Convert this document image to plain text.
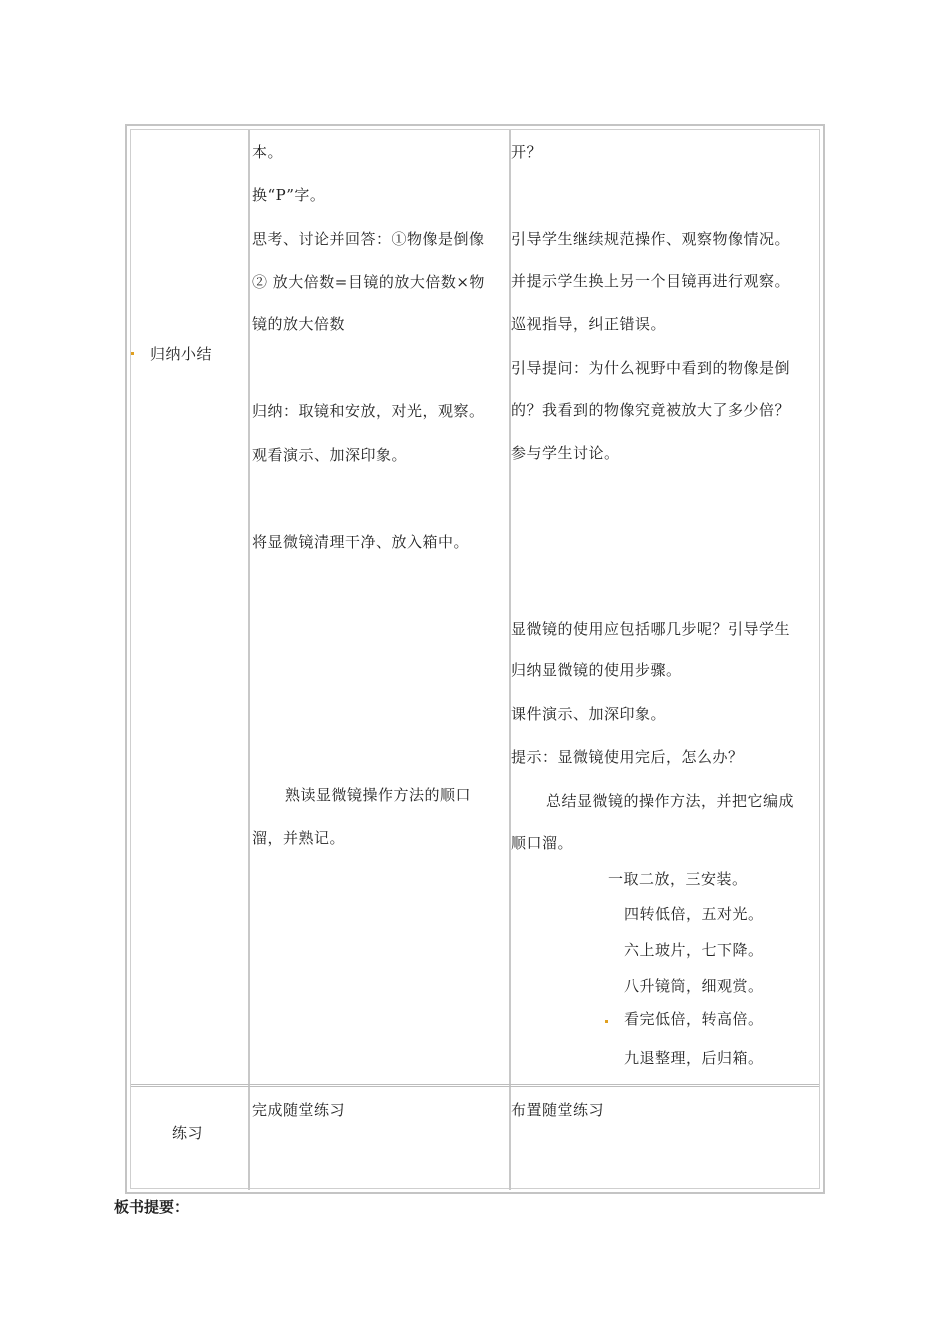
归纳小结
本。
换“P”字。
思考、讨论并回答：①物像是倒像
② 放大倍数=目镜的放大倍数×物
镜的放大倍数
归纳：取镜和安放，对光，观察。
观看演示、加深印象。
将显微镜清理干净、放入箱中。
熟读显微镜操作方法的顺口
溜，并熟记。
开？
引导学生继续规范操作、观察物像情况。
并提示学生换上另一个目镜再进行观察。
巡视指导，纠正错误。
引导提问：为什么视野中看到的物像是倒
的？我看到的物像究竟被放大了多少倍？
参与学生讨论。
显微镜的使用应包括哪几步呢？引导学生
归纳显微镜的使用步骤。
课件演示、加深印象。
提示：显微镜使用完后，怎么办？
总结显微镜的操作方法，并把它编成
顺口溜。
一取二放，三安装。
四转低倍，五对光。
六上玻片，七下降。
八升镜筒，细观赏。
看完低倍，转高倍。
九退整理，后归箱。
练习
完成随堂练习	布置随堂练习
板书提要：
